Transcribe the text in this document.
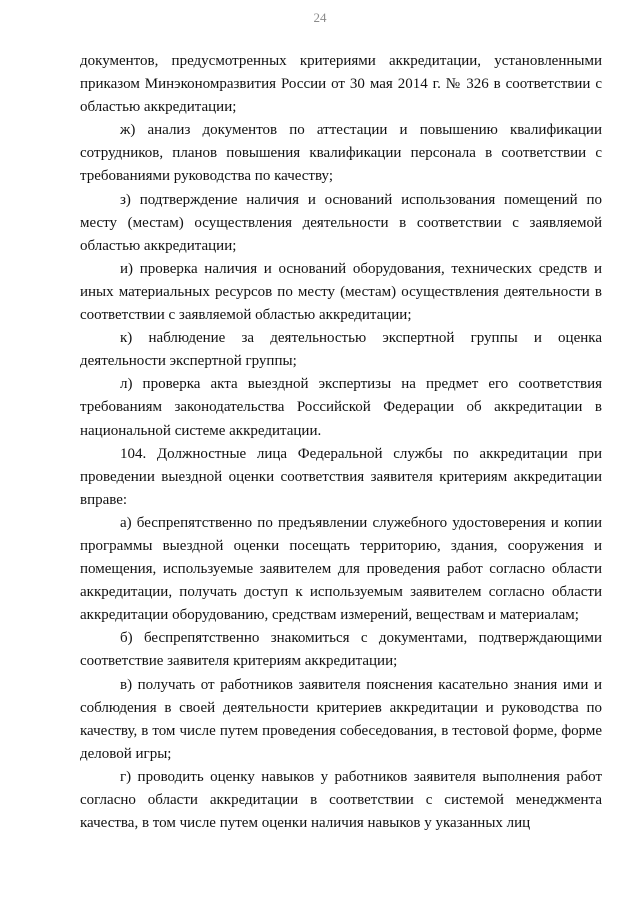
24

документов, предусмотренных критериями аккредитации, установленными приказом Минэкономразвития России от 30 мая 2014 г. № 326 в соответствии с областью аккредитации;

ж) анализ документов по аттестации и повышению квалификации сотрудников, планов повышения квалификации персонала в соответствии с требованиями руководства по качеству;

з) подтверждение наличия и оснований использования помещений по месту (местам) осуществления деятельности в соответствии с заявляемой областью аккредитации;

и) проверка наличия и оснований оборудования, технических средств и иных материальных ресурсов по месту (местам) осуществления деятельности в соответствии с заявляемой областью аккредитации;

к) наблюдение за деятельностью экспертной группы и оценка деятельности экспертной группы;

л) проверка акта выездной экспертизы на предмет его соответствия требованиям законодательства Российской Федерации об аккредитации в национальной системе аккредитации.

104. Должностные лица Федеральной службы по аккредитации при проведении выездной оценки соответствия заявителя критериям аккредитации вправе:

а) беспрепятственно по предъявлении служебного удостоверения и копии программы выездной оценки посещать территорию, здания, сооружения и помещения, используемые заявителем для проведения работ согласно области аккредитации, получать доступ к используемым заявителем согласно области аккредитации оборудованию, средствам измерений, веществам и материалам;

б) беспрепятственно знакомиться с документами, подтверждающими соответствие заявителя критериям аккредитации;

в) получать от работников заявителя пояснения касательно знания ими и соблюдения в своей деятельности критериев аккредитации и руководства по качеству, в том числе путем проведения собеседования, в тестовой форме, форме деловой игры;

г) проводить оценку навыков у работников заявителя выполнения работ согласно области аккредитации в соответствии с системой менеджмента качества, в том числе путем оценки наличия навыков у указанных лиц
